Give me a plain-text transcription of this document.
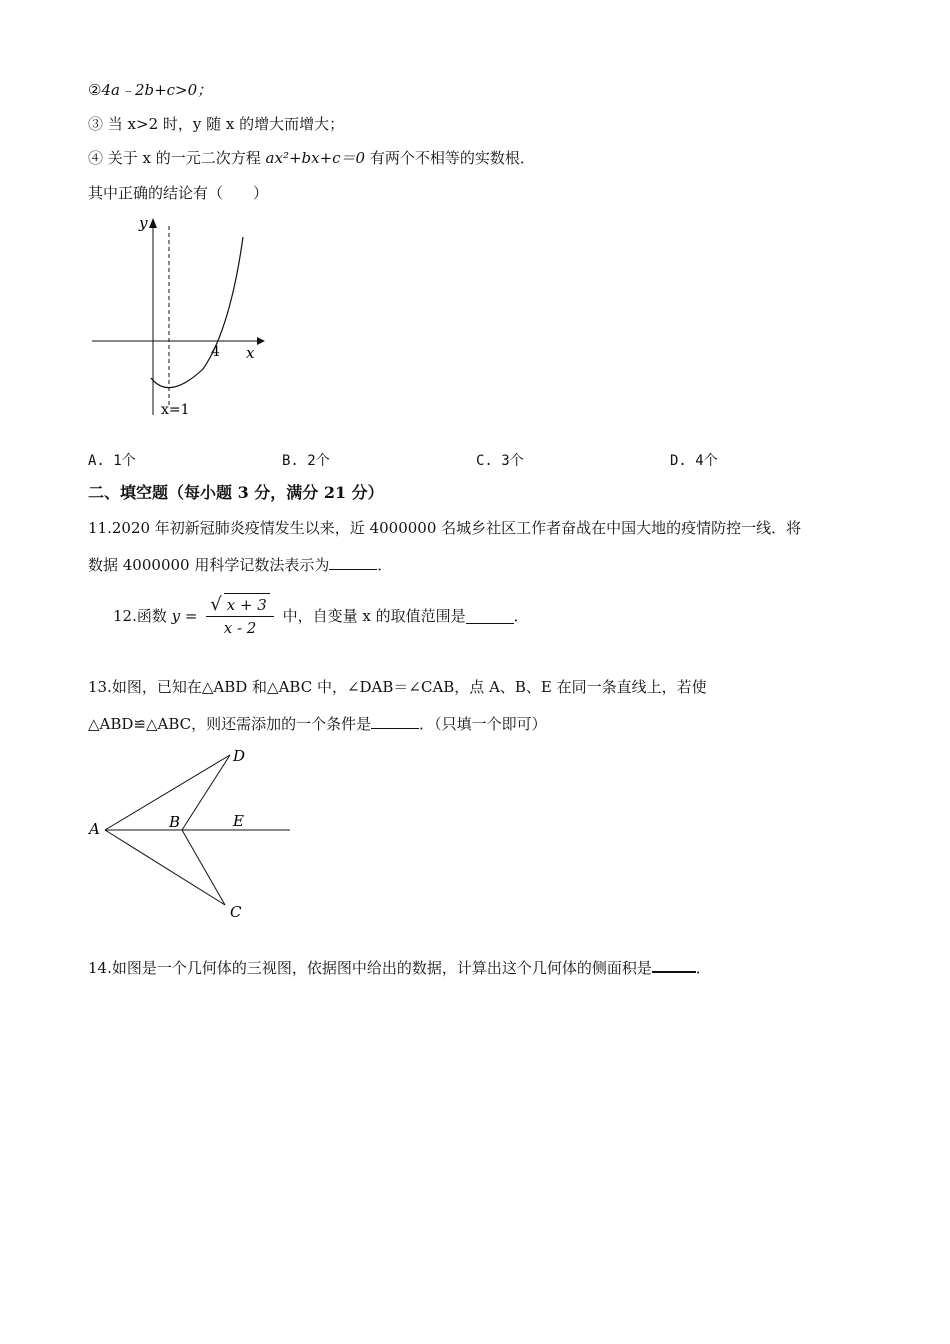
②4a﹣2b+c>0；
③ 当 x>2 时，y 随 x 的增大而增大；
④ 关于 x 的一元二次方程 ax²+bx+c＝0 有两个不相等的实数根．
其中正确的结论有（　　）
y
x
4
x=1
A. 1个	B. 2个	C. 3个	D. 4个
二、填空题（每小题 3 分，满分 21 分）
11.2020 年初新冠肺炎疫情发生以来，近 4000000 名城乡社区工作者奋战在中国大地的疫情防控一线．将
数据 4000000 用科学记数法表示为	．
12.函数 $y = \frac{√ x + 3}{x - 2}$ 中，自变量 x 的取值范围是	．
13.如图，已知在△ABD 和△ABC 中，∠DAB＝∠CAB，点 A、B、E 在同一条直线上，若使
△ABD≌△ABC，则还需添加的一个条件是	．（只填一个即可）
A	B
D
E
C
14.如图是一个几何体的三视图，依据图中给出的数据，计算出这个几何体的侧面积是	．
